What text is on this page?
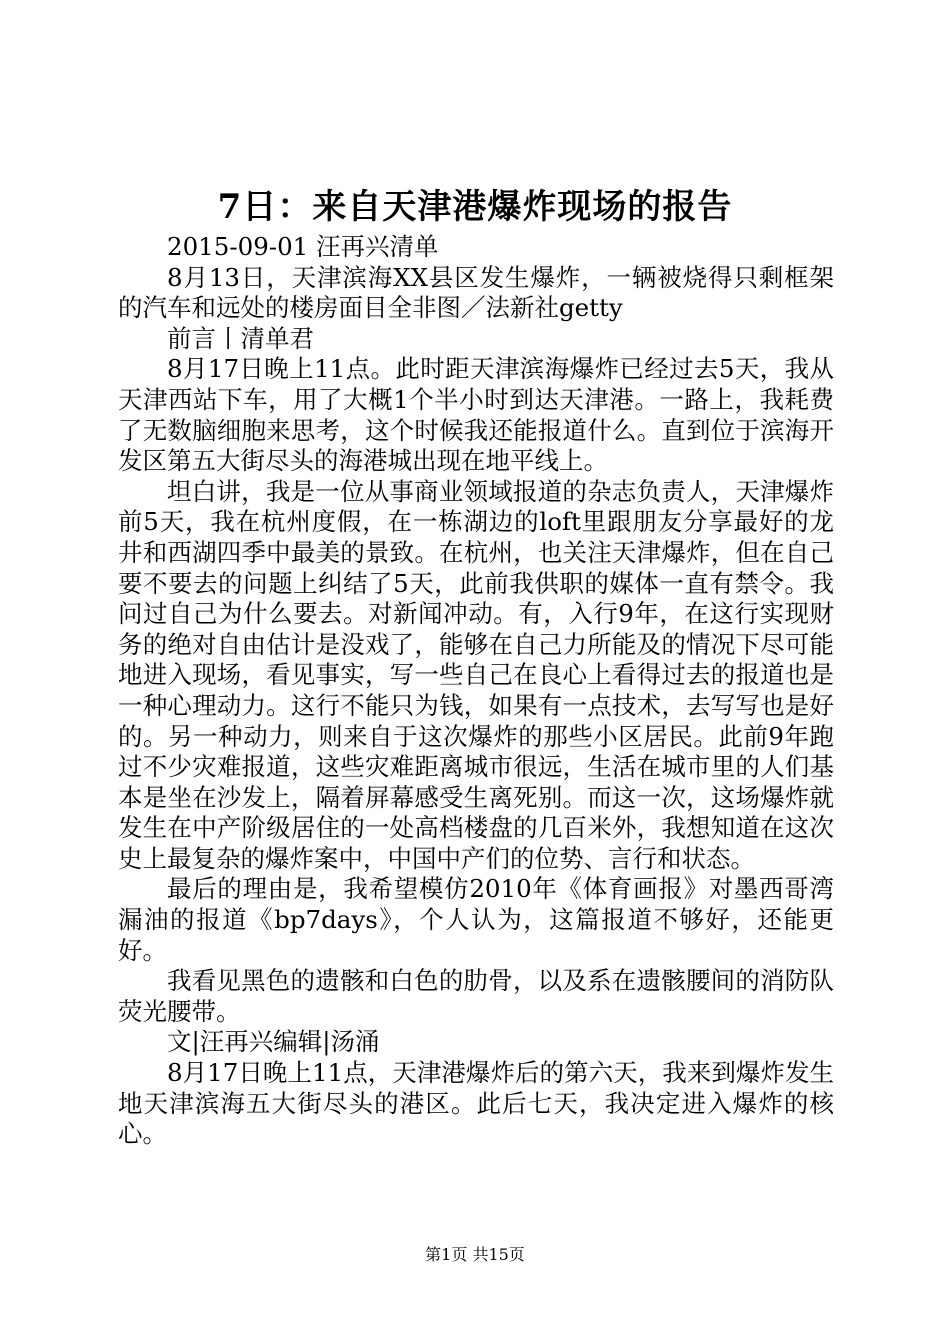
7日：来自天津港爆炸现场的报告

2015-09-01 汪再兴清单

8月13日，天津滨海XX县区发生爆炸，一辆被烧得只剩框架的汽车和远处的楼房面目全非图／法新社getty

前言丨清单君

8月17日晚上11点。此时距天津滨海爆炸已经过去5天，我从天津西站下车，用了大概1个半小时到达天津港。一路上，我耗费了无数脑细胞来思考，这个时候我还能报道什么。直到位于滨海开发区第五大街尽头的海港城出现在地平线上。

坦白讲，我是一位从事商业领域报道的杂志负责人，天津爆炸前5天，我在杭州度假，在一栋湖边的loft里跟朋友分享最好的龙井和西湖四季中最美的景致。在杭州，也关注天津爆炸，但在自己要不要去的问题上纠结了5天，此前我供职的媒体一直有禁令。我问过自己为什么要去。对新闻冲动。有，入行9年，在这行实现财务的绝对自由估计是没戏了，能够在自己力所能及的情况下尽可能地进入现场，看见事实，写一些自己在良心上看得过去的报道也是一种心理动力。这行不能只为钱，如果有一点技术，去写写也是好的。另一种动力，则来自于这次爆炸的那些小区居民。此前9年跑过不少灾难报道，这些灾难距离城市很远，生活在城市里的人们基本是坐在沙发上，隔着屏幕感受生离死别。而这一次，这场爆炸就发生在中产阶级居住的一处高档楼盘的几百米外，我想知道在这次史上最复杂的爆炸案中，中国中产们的位势、言行和状态。

最后的理由是，我希望模仿2010年《体育画报》对墨西哥湾漏油的报道《bp7days》，个人认为，这篇报道不够好，还能更好。

我看见黑色的遗骸和白色的肋骨，以及系在遗骸腰间的消防队荧光腰带。

文|汪再兴编辑|汤涌

8月17日晚上11点，天津港爆炸后的第六天，我来到爆炸发生地天津滨海五大街尽头的港区。此后七天，我决定进入爆炸的核心。

第1页 共15页
